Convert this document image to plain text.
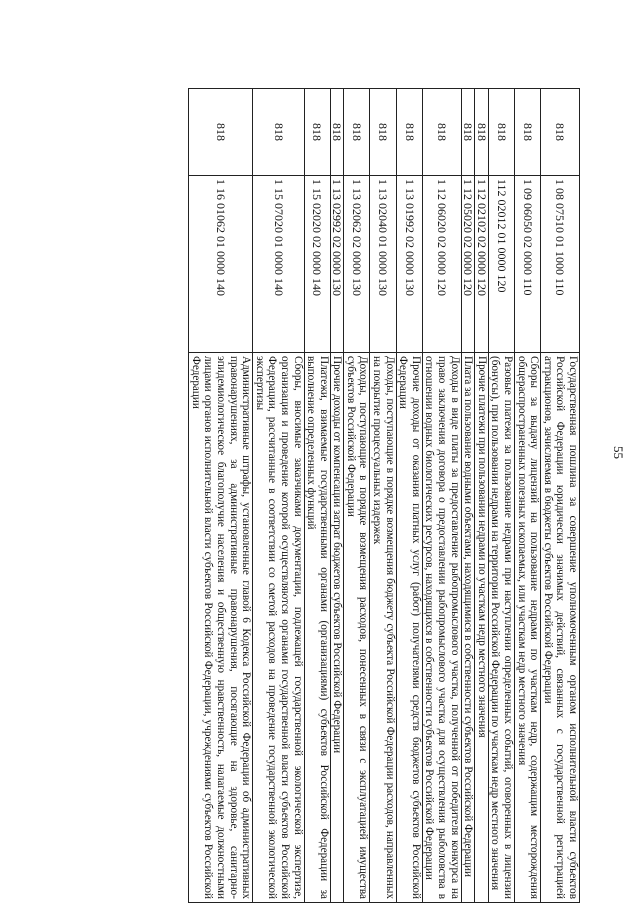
55
818	1 08 07510 01 1000 110	Государственная пошлина за совершение уполномоченным органом исполнительной власти субъектов Российской Федерации юридически значимых действий, связанных с государственной регистрацией аттракционов, зачисляемая в бюджеты субъектов Российской Федерации
818	1 09 06050 02 0000 110	Сборы за выдачу лицензий на пользование недрами по участкам недр, содержащим месторождения общераспространенных полезных ископаемых, или участкам недр местного значения
818	112 02012 01 0000 120	Разовые платежи за пользование недрами при наступлении определенных событий, оговоренных в лицензии (бонусы), при пользовании недрами на территории Российской Федерации по участкам недр местного значения
818	1 12 02102 02 0000 120	Прочие платежи при пользовании недрами по участкам недр местного значения
818	1 12 05020 02 0000 120	Плата за пользование водными объектами, находящимися в собственности субъектов Российской Федерации
818	1 12 06020 02 0000 120	Доходы в виде платы за предоставление рыбопромыслового участка, полученной от победителя конкурса на право заключения договора о предоставлении рыбопромыслового участка для осуществления рыболовства в отношении водных биологических ресурсов, находящихся в собственности субъектов Российской Федерации
818	1 13 01992 02 0000 130	Прочие доходы от оказания платных услуг (работ) получателями средств бюджетов субъектов Российской Федерации
818	1 13 02040 01 0000 130	Доходы, поступающие в порядке возмещения бюджету субъекта Российской Федерации расходов, направленных на покрытие процессуальных издержек
818	1 13 02062 02 0000 130	Доходы, поступающие в порядке возмещения расходов, понесенных в связи с эксплуатацией имущества субъектов Российской Федерации
818	1 13 02992 02 0000 130	Прочие доходы от компенсации затрат бюджетов субъектов Российской Федерации
818	1 15 02020 02 0000 140	Платежи, взимаемые государственными органами (организациями) субъектов Российской Федерации за выполнение определенных функций
818	1 15 07020 01 0000 140	Сборы, вносимые заказчиками документации, подлежащей государственной экологической экспертизе, организация и проведение которой осуществляются органами государственной власти субъектов Российской Федерации, рассчитанные в соответствии со сметой расходов на проведение государственной экологической экспертизы
818	1 16 01062 01 0000 140	Административные штрафы, установленные главой 6 Кодекса Российской Федерации об административных правонарушениях, за административные правонарушения, посягающие на здоровье, санитарно-эпидемиологическое благополучие населения и общественную нравственность, налагаемые должностными лицами органов исполнительной власти субъектов Российской Федерации, учреждениями субъектов Российской Федерации
